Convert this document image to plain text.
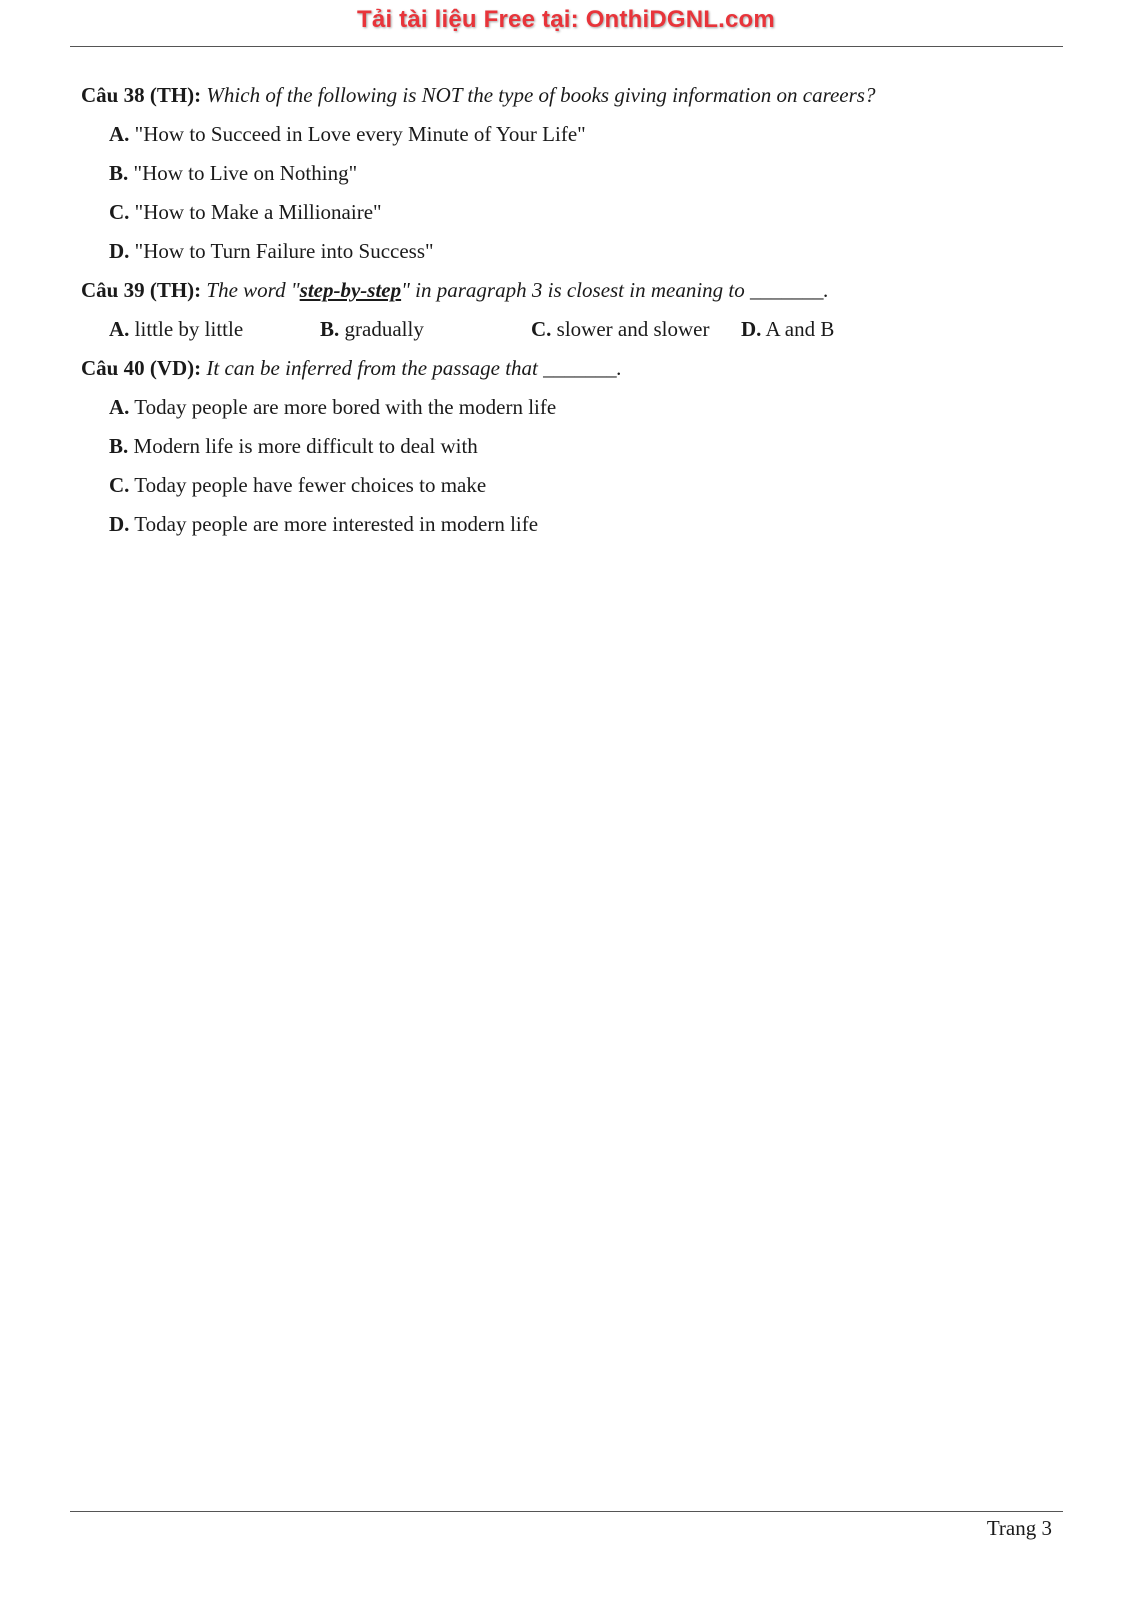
Tải tài liệu Free tại: OnthiDGNL.com
Câu 38 (TH): Which of the following is NOT the type of books giving information on careers?
A. "How to Succeed in Love every Minute of Your Life"
B. "How to Live on Nothing"
C. "How to Make a Millionaire"
D. "How to Turn Failure into Success"
Câu 39 (TH): The word "step-by-step" in paragraph 3 is closest in meaning to _______.
A. little by little	B. gradually	C. slower and slower D. A and B
Câu 40 (VD): It can be inferred from the passage that _______.
A. Today people are more bored with the modern life
B. Modern life is more difficult to deal with
C. Today people have fewer choices to make
D. Today people are more interested in modern life
Trang 3
